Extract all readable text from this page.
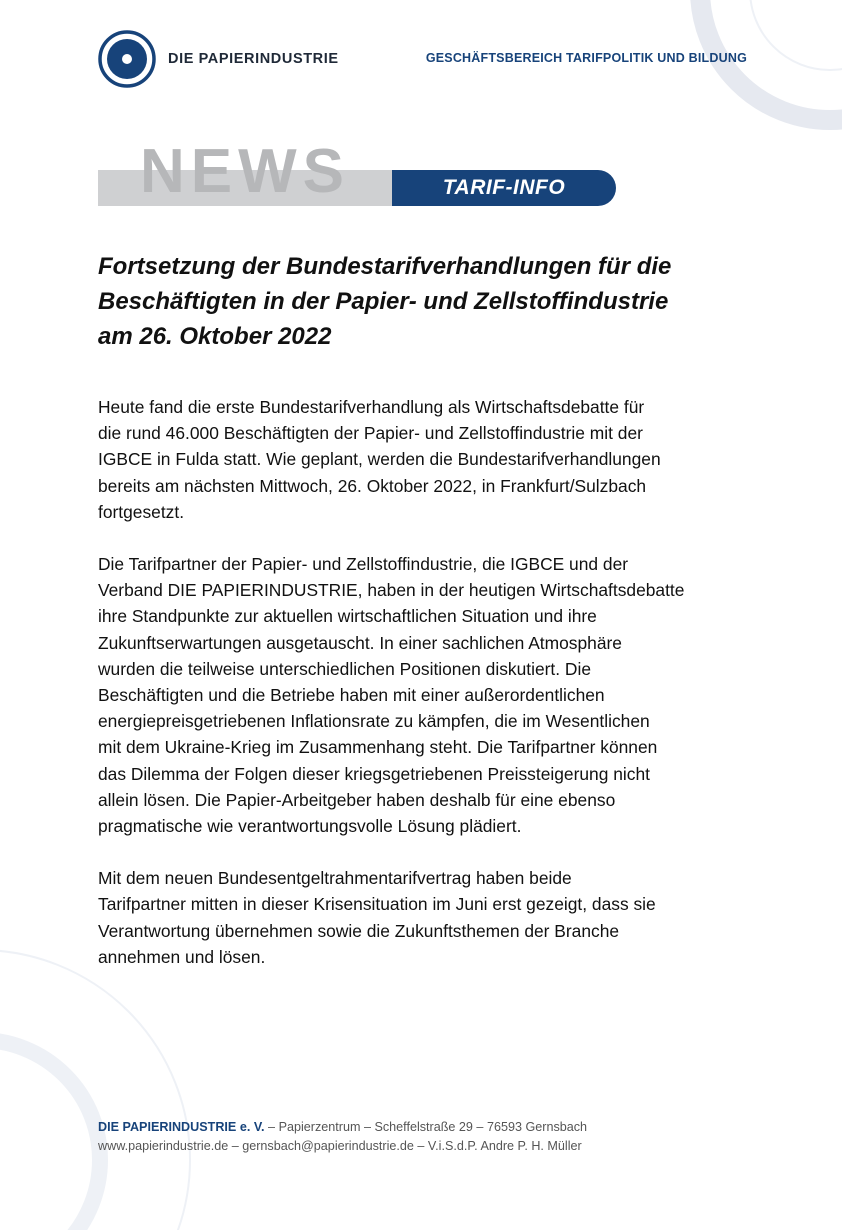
DIE PAPIERINDUSTRIE	GESCHÄFTSBEREICH TARIFPOLITIK UND BILDUNG
NEWS	TARIF-INFO
Fortsetzung der Bundestarifverhandlungen für die
Beschäftigten in der Papier- und Zellstoffindustrie
am 26. Oktober 2022
Heute fand die erste Bundestarifverhandlung als Wirtschaftsdebatte für
die rund 46.000 Beschäftigten der Papier- und Zellstoffindustrie mit der
IGBCE in Fulda statt. Wie geplant, werden die Bundestarifverhandlungen
bereits am nächsten Mittwoch, 26. Oktober 2022, in Frankfurt/Sulzbach
fortgesetzt.
Die Tarifpartner der Papier- und Zellstoffindustrie, die IGBCE und der
Verband DIE PAPIERINDUSTRIE, haben in der heutigen Wirtschaftsdebatte
ihre Standpunkte zur aktuellen wirtschaftlichen Situation und ihre
Zukunftserwartungen ausgetauscht. In einer sachlichen Atmosphäre
wurden die teilweise unterschiedlichen Positionen diskutiert. Die
Beschäftigten und die Betriebe haben mit einer außerordentlichen
energiepreisgetriebenen Inflationsrate zu kämpfen, die im Wesentlichen
mit dem Ukraine-Krieg im Zusammenhang steht. Die Tarifpartner können
das Dilemma der Folgen dieser kriegsgetriebenen Preissteigerung nicht
allein lösen. Die Papier-Arbeitgeber haben deshalb für eine ebenso
pragmatische wie verantwortungsvolle Lösung plädiert.
Mit dem neuen Bundesentgeltrahmentarifvertrag haben beide
Tarifpartner mitten in dieser Krisensituation im Juni erst gezeigt, dass sie
Verantwortung übernehmen sowie die Zukunftsthemen der Branche
annehmen und lösen.
DIE PAPIERINDUSTRIE e. V. – Papierzentrum – Scheffelstraße 29 – 76593 Gernsbach
www.papierindustrie.de – gernsbach@papierindustrie.de – V.i.S.d.P. Andre P. H. Müller
